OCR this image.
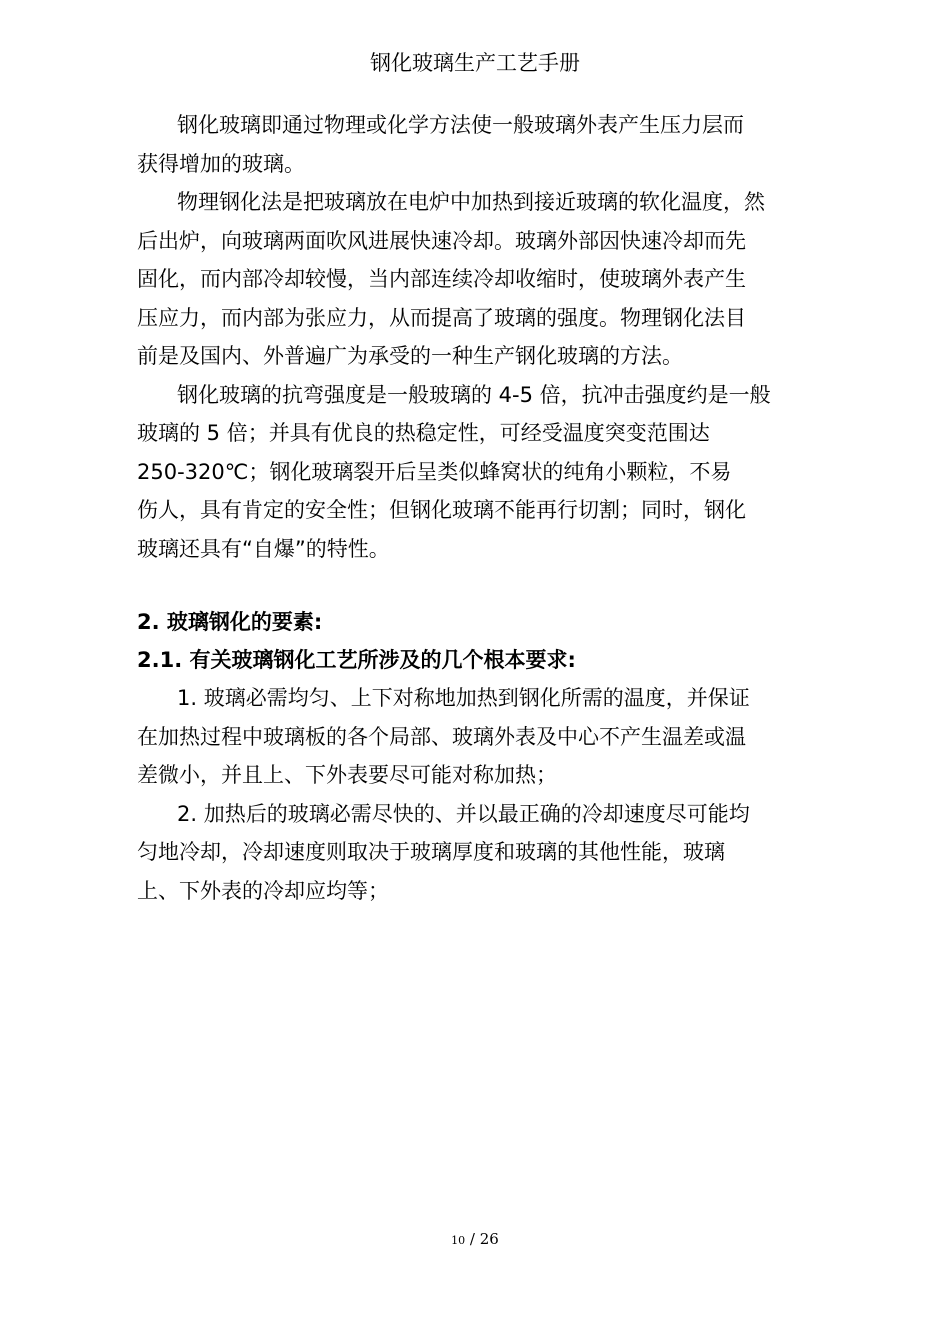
钢化玻璃生产工艺手册

钢化玻璃即通过物理或化学方法使一般玻璃外表产生压力层而
获得增加的玻璃。

物理钢化法是把玻璃放在电炉中加热到接近玻璃的软化温度，然
后出炉，向玻璃两面吹风进展快速冷却。玻璃外部因快速冷却而先
固化，而内部冷却较慢，当内部连续冷却收缩时，使玻璃外表产生
压应力，而内部为张应力，从而提高了玻璃的强度。物理钢化法目
前是及国内、外普遍广为承受的一种生产钢化玻璃的方法。

钢化玻璃的抗弯强度是一般玻璃的 4-5 倍，抗冲击强度约是一般
玻璃的 5 倍；并具有优良的热稳定性，可经受温度突变范围达
250-320℃；钢化玻璃裂开后呈类似蜂窝状的纯角小颗粒，不易
伤人，具有肯定的安全性；但钢化玻璃不能再行切割；同时，钢化
玻璃还具有“自爆”的特性。

2. 玻璃钢化的要素:
2.1. 有关玻璃钢化工艺所涉及的几个根本要求:

1. 玻璃必需均匀、上下对称地加热到钢化所需的温度，并保证
在加热过程中玻璃板的各个局部、玻璃外表及中心不产生温差或温
差微小，并且上、下外表要尽可能对称加热；

2. 加热后的玻璃必需尽快的、并以最正确的冷却速度尽可能均
匀地冷却，冷却速度则取决于玻璃厚度和玻璃的其他性能，玻璃
上、下外表的冷却应均等；

10 / 26
